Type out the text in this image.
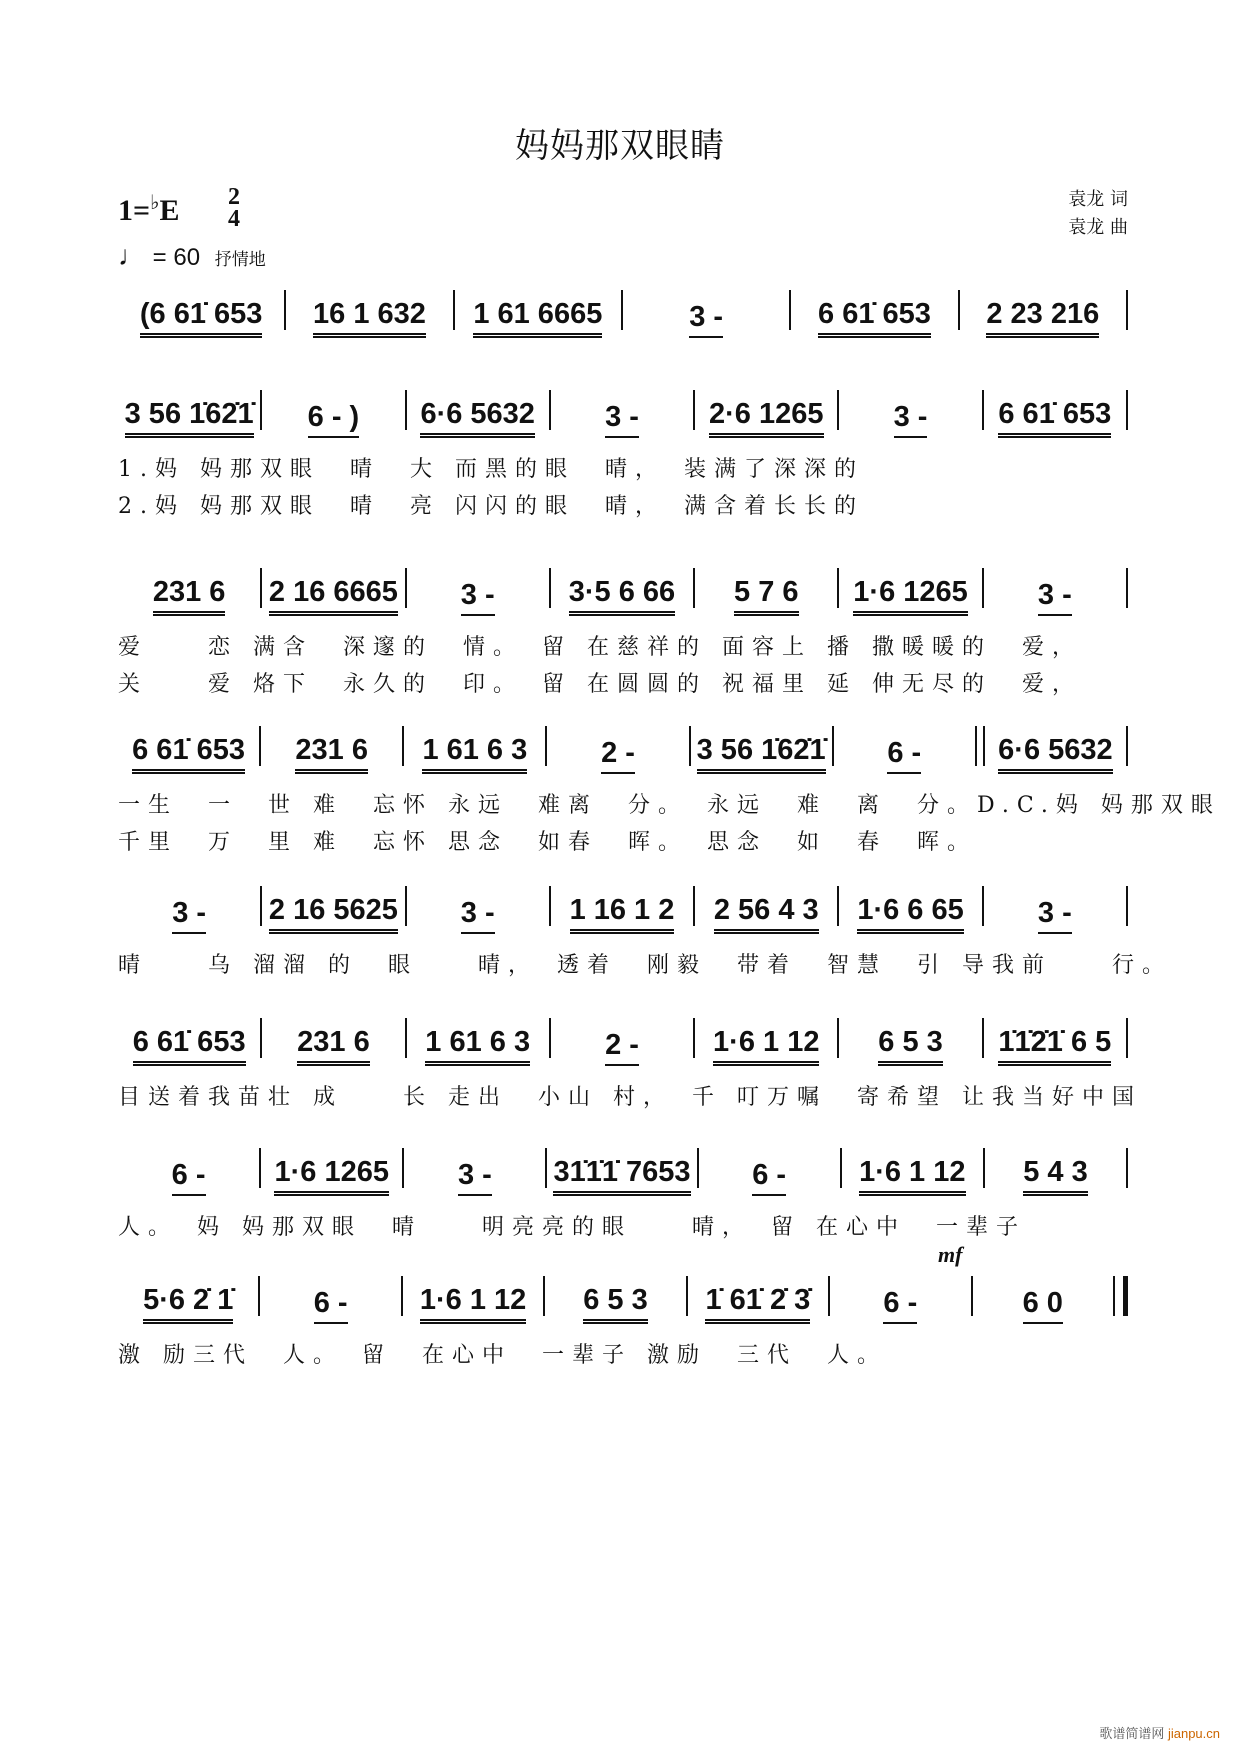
妈妈那双眼睛
1=♭E 2
4
♩ = 60 抒情地
袁龙 词
袁龙 曲
(6 61̇ 653 16 1 632 1 61 6665	3 -	6 61̇ 653 2 23 216
3 56 1̇62̇1̇ 6 - ) 6·6 5632 3 - 2·6 1265 3 - 6 61̇ 653
1.妈 妈那双眼　晴　大 而黑的眼　晴，　装满了深深的
2.妈 妈那双眼　晴　亮 闪闪的眼　晴，　满含着长长的
231 6 2 16 6665 3 -	3·5 6 66 5 7 6 1·6 1265 3 -
爱　　恋 满含　深邃的　情。　留 在慈祥的 面容上 播 撒暖暖的　爱，
关　　爱 烙下　永久的　印。　留 在圆圆的 祝福里 延 伸无尽的　爱，
6 61̇ 653 231 6 1 61 6 3	2 - 3 56 1̇62̇1̇ 6 -	6·6 5632
一生　一　世 难　忘怀 永远　难离　分。　永远　难　离　分。D.C.妈 妈那双眼
千里　万　里 难　忘怀 思念　如春　晖。　思念　如　春　晖。
3 - 2 16 5625 3 -	1 16 1 2 2 56 4 3 1·6 6 65	3 -
晴　　乌 溜溜 的　眼　　晴，　透着　刚毅　带着　智慧　引 导我前　　行。
6 61̇ 653 231 6 1 61 6 3	2 -	1·6 1 12 6 5 3 1̇1̇2̇1̇ 6 5
目送着我苗壮 成　　长 走出　小山 村，　千 叮万嘱　寄希望 让我当好中国
6 - 1·6 1265 3 - 31̇1̇1̇ 7653 6 -	1·6 1 12 5 4 3
人。　妈 妈那双眼　晴　　明亮亮的眼　　晴，　留 在心中　一辈子
5·6 2̇ 1̇	6 - 1·6 1 12 6 5 3 1̇ 61̇ 2̇ 3̇	6 -	6 0
激 励三代　人。　留　在心中　一辈子 激励　三代　人。
mf
歌谱简谱网 jianpu.cn
